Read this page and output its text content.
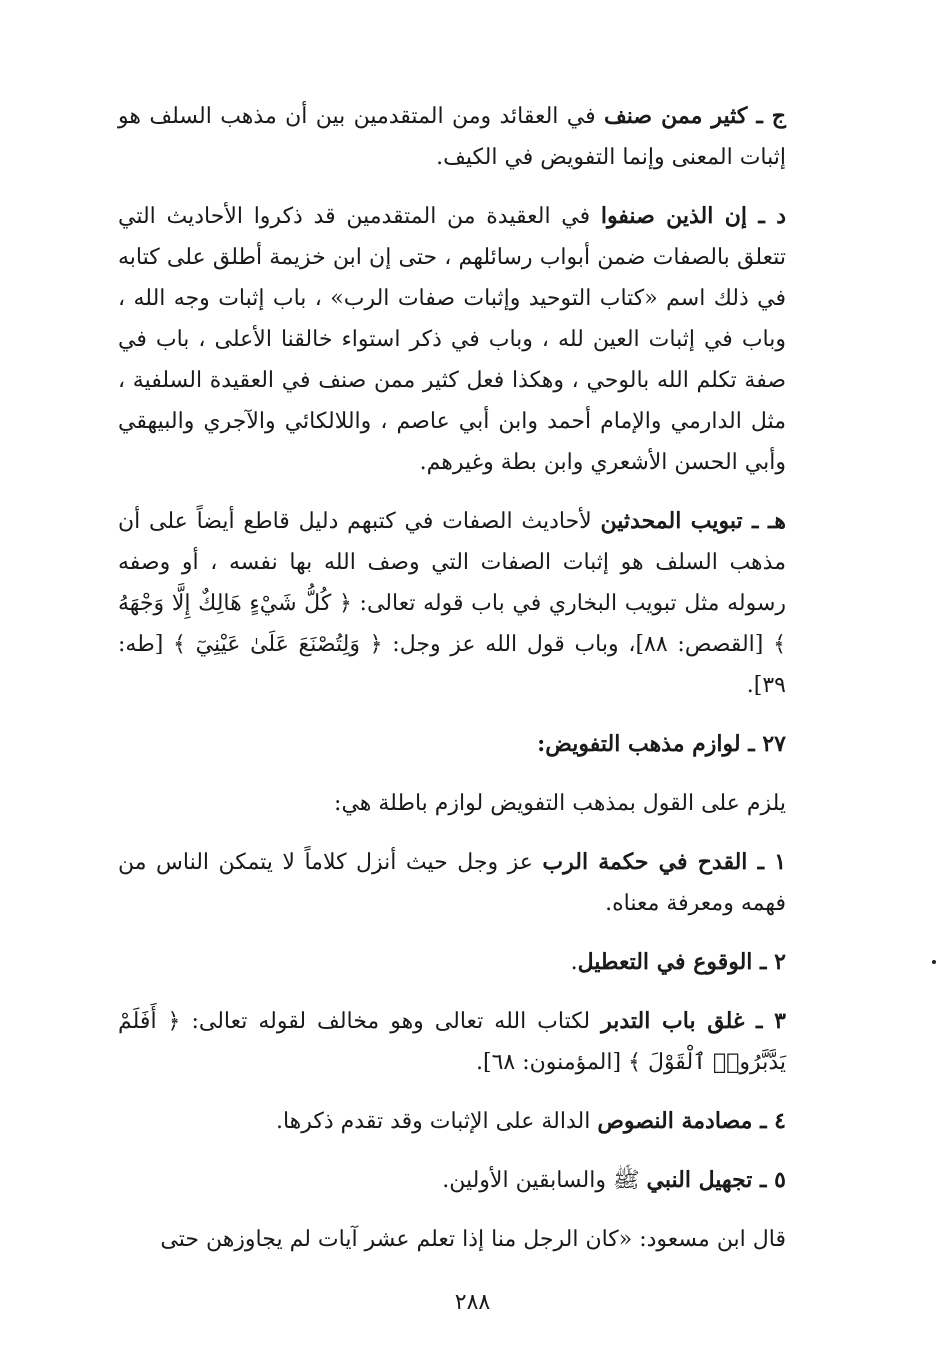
ج ـ كثير ممن صنف في العقائد ومن المتقدمين بين أن مذهب السلف هو إثبات المعنى وإنما التفويض في الكيف.

د ـ إن الذين صنفوا في العقيدة من المتقدمين قد ذكروا الأحاديث التي تتعلق بالصفات ضمن أبواب رسائلهم ، حتى إن ابن خزيمة أطلق على كتابه في ذلك اسم «كتاب التوحيد وإثبات صفات الرب» ، باب إثبات وجه الله ، وباب في إثبات العين لله ، وباب في ذكر استواء خالقنا الأعلى ، باب في صفة تكلم الله بالوحي ، وهكذا فعل كثير ممن صنف في العقيدة السلفية ، مثل الدارمي والإمام أحمد وابن أبي عاصم ، واللالكائي والآجري والبيهقي وأبي الحسن الأشعري وابن بطة وغيرهم.

هـ ـ تبويب المحدثين لأحاديث الصفات في كتبهم دليل قاطع أيضاً على أن مذهب السلف هو إثبات الصفات التي وصف الله بها نفسه ، أو وصفه رسوله مثل تبويب البخاري في باب قوله تعالى: ﴿ كُلُّ شَيْءٍ هَالِكٌ إِلَّا وَجْهَهُ ﴾ [القصص: ٨٨]، وباب قول الله عز وجل: ﴿ وَلِتُصْنَعَ عَلَىٰ عَيْنِيٓ ﴾ [طه: ٣٩].

٢٧ ـ لوازم مذهب التفويض:

يلزم على القول بمذهب التفويض لوازم باطلة هي:

١ ـ القدح في حكمة الرب عز وجل حيث أنزل كلاماً لا يتمكن الناس من فهمه ومعرفة معناه.

٢ ـ الوقوع في التعطيل.

٣ ـ غلق باب التدبر لكتاب الله تعالى وهو مخالف لقوله تعالى: ﴿ أَفَلَمْ يَدَّبَّرُوا۟ ٱلْقَوْلَ ﴾ [المؤمنون: ٦٨].

٤ ـ مصادمة النصوص الدالة على الإثبات وقد تقدم ذكرها.

٥ ـ تجهيل النبي ﷺ والسابقين الأولين.

قال ابن مسعود: «كان الرجل منا إذا تعلم عشر آيات لم يجاوزهن حتى

٢٨٨
